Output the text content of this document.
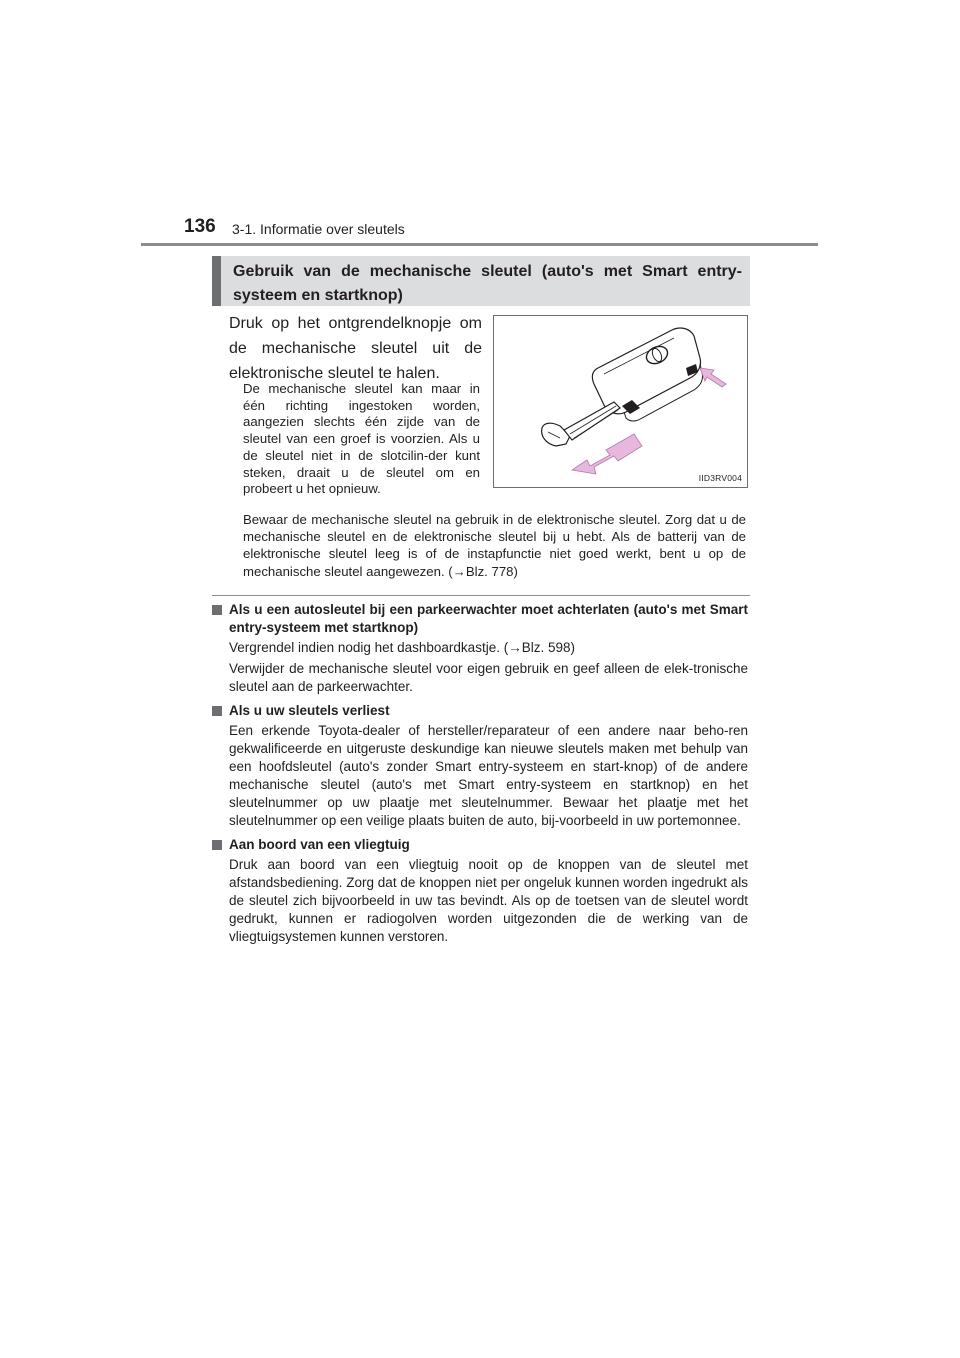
136 3-1. Informatie over sleutels
Gebruik van de mechanische sleutel (auto's met Smart entry-
systeem en startknop)
Druk op het ontgrendelknopje om de mechanische sleutel uit de elektronische sleutel te halen.
De mechanische sleutel kan maar in één richting ingestoken worden, aangezien slechts één zijde van de sleutel van een groef is voorzien. Als u de sleutel niet in de slotcilin-der kunt steken, draait u de sleutel om en probeert u het opnieuw.
IID3RV004
Bewaar de mechanische sleutel na gebruik in de elektronische sleutel. Zorg dat u de mechanische sleutel en de elektronische sleutel bij u hebt. Als de batterij van de elektronische sleutel leeg is of de instapfunctie niet goed werkt, bent u op de mechanische sleutel aangewezen. (→Blz. 778)
Als u een autosleutel bij een parkeerwachter moet achterlaten (auto's met Smart entry-systeem met startknop)
Vergrendel indien nodig het dashboardkastje. (→Blz. 598)
Verwijder de mechanische sleutel voor eigen gebruik en geef alleen de elek-tronische sleutel aan de parkeerwachter.
Als u uw sleutels verliest
Een erkende Toyota-dealer of hersteller/reparateur of een andere naar beho-ren gekwalificeerde en uitgeruste deskundige kan nieuwe sleutels maken met behulp van een hoofdsleutel (auto's zonder Smart entry-systeem en start-knop) of de andere mechanische sleutel (auto's met Smart entry-systeem en startknop) en het sleutelnummer op uw plaatje met sleutelnummer. Bewaar het plaatje met het sleutelnummer op een veilige plaats buiten de auto, bij-voorbeeld in uw portemonnee.
Aan boord van een vliegtuig
Druk aan boord van een vliegtuig nooit op de knoppen van de sleutel met afstandsbediening. Zorg dat de knoppen niet per ongeluk kunnen worden ingedrukt als de sleutel zich bijvoorbeeld in uw tas bevindt. Als op de toetsen van de sleutel wordt gedrukt, kunnen er radiogolven worden uitgezonden die de werking van de vliegtuigsystemen kunnen verstoren.
